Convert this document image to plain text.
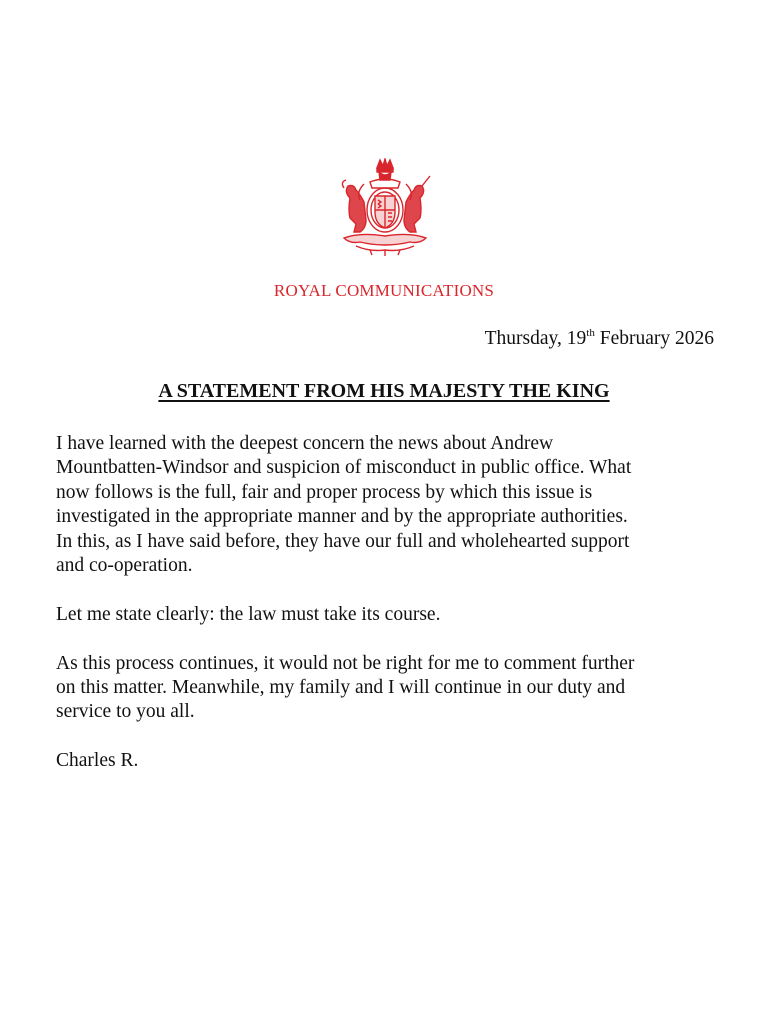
ROYAL COMMUNICATIONS
Thursday, 19th February 2026
A STATEMENT FROM HIS MAJESTY THE KING

I have learned with the deepest concern the news about Andrew
Mountbatten-Windsor and suspicion of misconduct in public office. What
now follows is the full, fair and proper process by which this issue is
investigated in the appropriate manner and by the appropriate authorities.
In this, as I have said before, they have our full and wholehearted support
and co-operation.

Let me state clearly: the law must take its course.

As this process continues, it would not be right for me to comment further
on this matter. Meanwhile, my family and I will continue in our duty and
service to you all.

Charles R.
